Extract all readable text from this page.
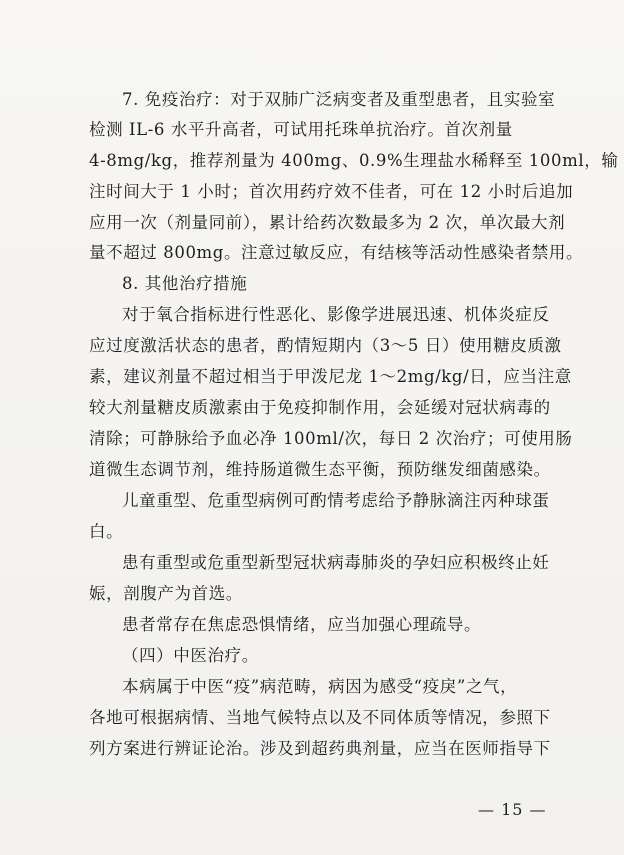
7. 免疫治疗：对于双肺广泛病变者及重型患者，且实验室
检测 IL-6 水平升高者，可试用托珠单抗治疗。首次剂量
4-8mg/kg，推荐剂量为 400mg、0.9%生理盐水稀释至 100ml，输
注时间大于 1 小时；首次用药疗效不佳者，可在 12 小时后追加
应用一次（剂量同前），累计给药次数最多为 2 次，单次最大剂
量不超过 800mg。注意过敏反应，有结核等活动性感染者禁用。
8. 其他治疗措施
对于氧合指标进行性恶化、影像学进展迅速、机体炎症反
应过度激活状态的患者，酌情短期内（3～5 日）使用糖皮质激
素，建议剂量不超过相当于甲泼尼龙 1～2mg/kg/日，应当注意
较大剂量糖皮质激素由于免疫抑制作用，会延缓对冠状病毒的
清除；可静脉给予血必净 100ml/次，每日 2 次治疗；可使用肠
道微生态调节剂，维持肠道微生态平衡，预防继发细菌感染。
儿童重型、危重型病例可酌情考虑给予静脉滴注丙种球蛋
白。
患有重型或危重型新型冠状病毒肺炎的孕妇应积极终止妊
娠，剖腹产为首选。
患者常存在焦虑恐惧情绪，应当加强心理疏导。
（四）中医治疗。
本病属于中医“疫”病范畴，病因为感受“疫戾”之气，
各地可根据病情、当地气候特点以及不同体质等情况，参照下
列方案进行辨证论治。涉及到超药典剂量，应当在医师指导下
— 15 —
